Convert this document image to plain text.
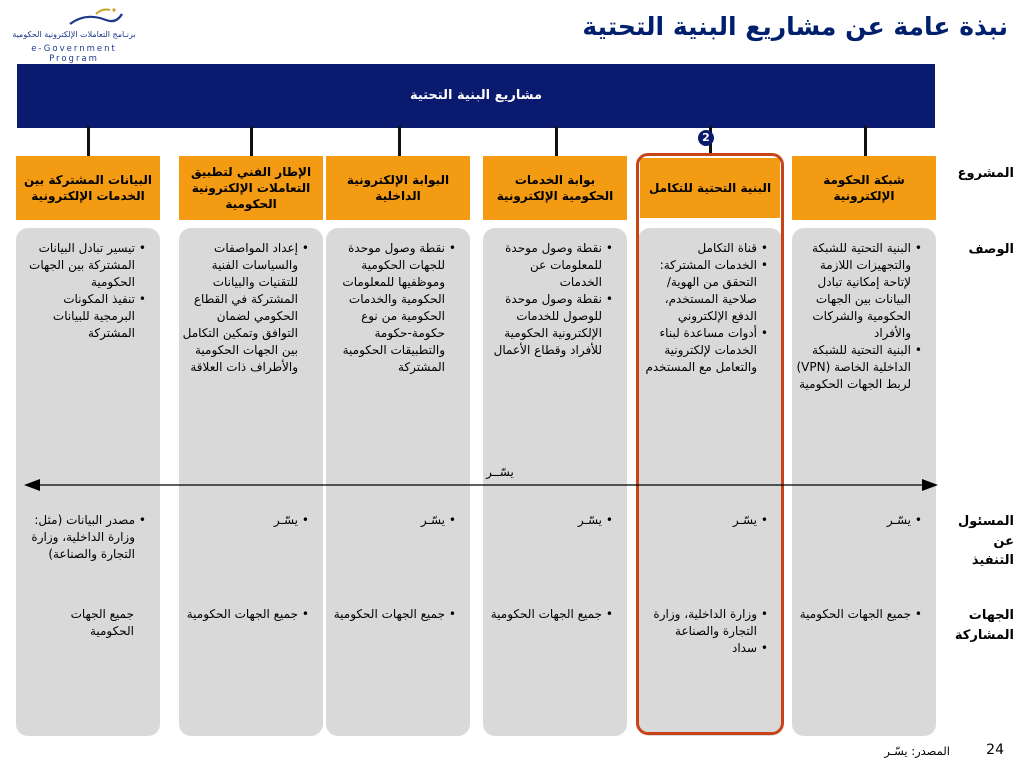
برنـامج التعاملات الإلكترونية الحكومية
e-Government Program
نبذة عامة عن مشاريع البنية التحتية
مشاريع البنية التحتية
2
شبكة الحكومة الإلكترونية
البنية التحتية للتكامل
بوابة الخدمات الحكومية الإلكترونية
البوابة الإلكترونية الداخلية
الإطار الفني لتطبيق التعاملات الإلكترونية الحكومية
البيانات المشتركة بين الخدمات الإلكترونية
• البنية التحتية للشبكة والتجهيزات اللازمة لإتاحة إمكانية تبادل البيانات بين الجهات الحكومية والشركات والأفراد
• البنية التحتية للشبكة الداخلية الخاصة (VPN) لربط الجهات الحكومية
• قناة التكامل
• الخدمات المشتركة: التحقق من الهوية/صلاحية المستخدم، الدفع الإلكتروني
• أدوات مساعدة لبناء الخدمات لإلكترونية والتعامل مع المستخدم
• نقطة وصول موحدة للمعلومات عن الخدمات
• نقطة وصول موحدة للوصول للخدمات الإلكترونية الحكومية للأفراد وقطاع الأعمال
• نقطة وصول موحدة للجهات الحكومية وموظفيها للمعلومات الحكومية والخدمات الحكومية من نوع حكومة-حكومة والتطبيقات الحكومية المشتركة
• إعداد المواصفات والسياسات الفنية للتقنيات والبيانات المشتركة في القطاع الحكومي لضمان التوافق وتمكين التكامل بين الجهات الحكومية والأطراف ذات العلاقة
• تيسير تبادل البيانات المشتركة بين الجهات الحكومية
• تنفيذ المكونات البرمجية للبيانات المشتركة
يسّــر
• يسّـر
• يسّـر
• يسّـر
• يسّـر
• يسّـر
• مصدر البيانات (مثل: وزارة الداخلية، وزارة التجارة والصناعة)
• جميع الجهات الحكومية
• وزارة الداخلية، وزارة التجارة والصناعة
• سداد
• جميع الجهات الحكومية
• جميع الجهات الحكومية
• جميع الجهات الحكومية
جميع الجهات الحكومية
المشروع
الوصف
المسئول عن التنفيذ
الجهات المشاركة
المصدر: يسّـر	24
